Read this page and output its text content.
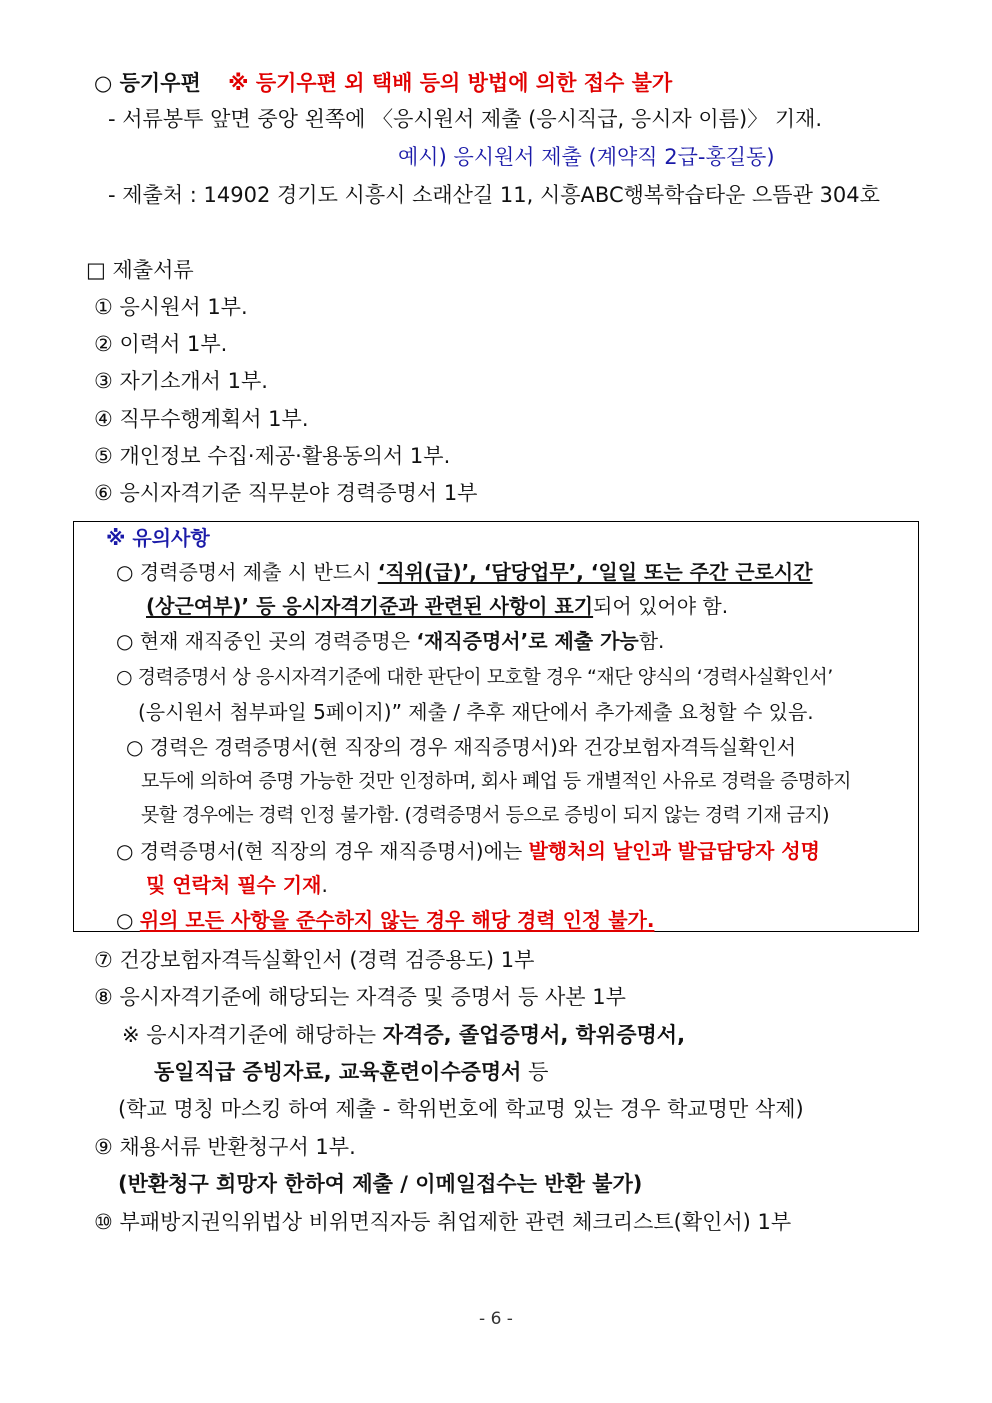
○ 등기우편 ※ 등기우편 외 택배 등의 방법에 의한 접수 불가
- 서류봉투 앞면 중앙 왼쪽에 〈응시원서 제출 (응시직급, 응시자 이름)〉 기재.
예시) 응시원서 제출 (계약직 2급-홍길동)
- 제출처 : 14902 경기도 시흥시 소래산길 11, 시흥ABC행복학습타운 으뜸관 304호
□ 제출서류
① 응시원서 1부.
② 이력서 1부.
③ 자기소개서 1부.
④ 직무수행계획서 1부.
⑤ 개인정보 수집·제공·활용동의서 1부.
⑥ 응시자격기준 직무분야 경력증명서 1부
※ 유의사항
○ 경력증명서 제출 시 반드시 ‘직위(급)’, ‘담당업무’, ‘일일 또는 주간 근로시간
(상근여부)’ 등 응시자격기준과 관련된 사항이 표기되어 있어야 함.
○ 현재 재직중인 곳의 경력증명은 ‘재직증명서’로 제출 가능함.
○ 경력증명서 상 응시자격기준에 대한 판단이 모호할 경우 “재단 양식의 ‘경력사실확인서’
(응시원서 첨부파일 5페이지)” 제출 / 추후 재단에서 추가제출 요청할 수 있음.
○ 경력은 경력증명서(현 직장의 경우 재직증명서)와 건강보험자격득실확인서
모두에 의하여 증명 가능한 것만 인정하며, 회사 폐업 등 개별적인 사유로 경력을 증명하지
못할 경우에는 경력 인정 불가함. (경력증명서 등으로 증빙이 되지 않는 경력 기재 금지)
○ 경력증명서(현 직장의 경우 재직증명서)에는 발행처의 날인과 발급담당자 성명
및 연락처 필수 기재.
○ 위의 모든 사항을 준수하지 않는 경우 해당 경력 인정 불가.
⑦ 건강보험자격득실확인서 (경력 검증용도) 1부
⑧ 응시자격기준에 해당되는 자격증 및 증명서 등 사본 1부
※ 응시자격기준에 해당하는 자격증, 졸업증명서, 학위증명서,
동일직급 증빙자료, 교육훈련이수증명서 등
(학교 명칭 마스킹 하여 제출 - 학위번호에 학교명 있는 경우 학교명만 삭제)
⑨ 채용서류 반환청구서 1부.
(반환청구 희망자 한하여 제출 / 이메일접수는 반환 불가)
⑩ 부패방지권익위법상 비위면직자등 취업제한 관련 체크리스트(확인서) 1부
- 6 -
